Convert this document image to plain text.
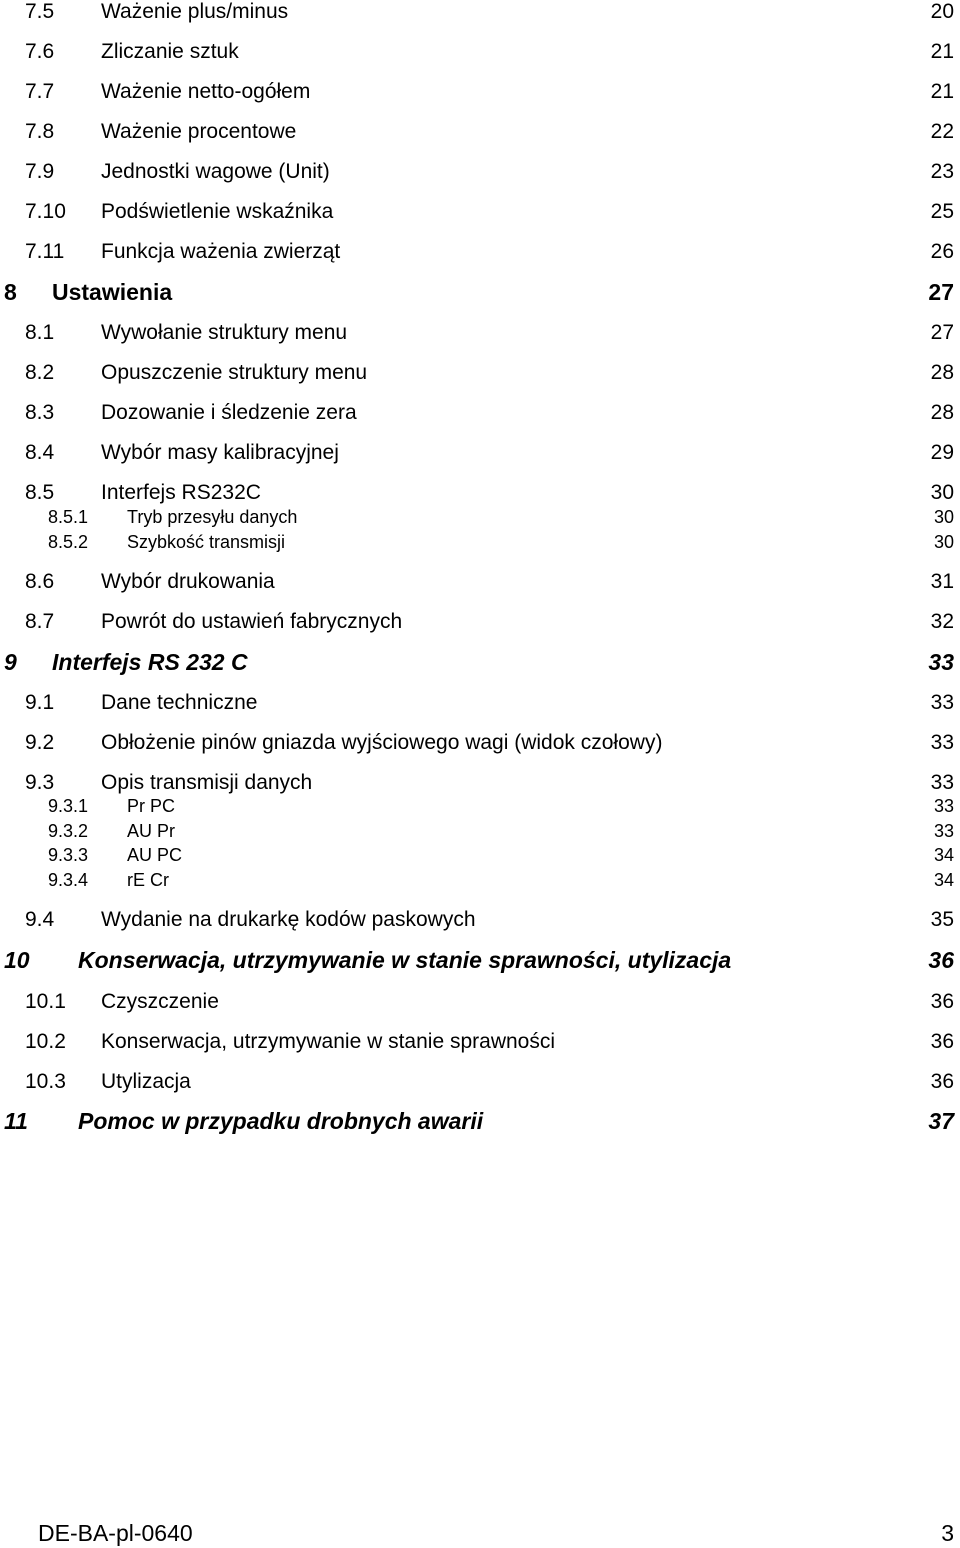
7.5 Ważenie plus/minus	20
7.6 Zliczanie sztuk	21
7.7 Ważenie netto-ogółem	21
7.8 Ważenie procentowe	22
7.9 Jednostki wagowe (Unit)	23
7.10 Podświetlenie wskaźnika	25
7.11 Funkcja ważenia zwierząt	26
8 Ustawienia	27
8.1 Wywołanie struktury menu	27
8.2 Opuszczenie struktury menu	28
8.3 Dozowanie i śledzenie zera	28
8.4 Wybór masy kalibracyjnej	29
8.5 Interfejs RS232C	30
8.5.1 Tryb przesyłu danych	30
8.5.2 Szybkość transmisji	30
8.6 Wybór drukowania	31
8.7 Powrót do ustawień fabrycznych	32
9 Interfejs RS 232 C	33
9.1 Dane techniczne	33
9.2 Obłożenie pinów gniazda wyjściowego wagi (widok czołowy)	33
9.3 Opis transmisji danych	33
9.3.1 Pr PC	33
9.3.2 AU Pr	33
9.3.3 AU PC	34
9.3.4 rE Cr	34
9.4 Wydanie na drukarkę kodów paskowych	35
10 Konserwacja, utrzymywanie w stanie sprawności, utylizacja	36
10.1 Czyszczenie	36
10.2 Konserwacja, utrzymywanie w stanie sprawności	36
10.3 Utylizacja	36
11 Pomoc w przypadku drobnych awarii	37
DE-BA-pl-0640	3
